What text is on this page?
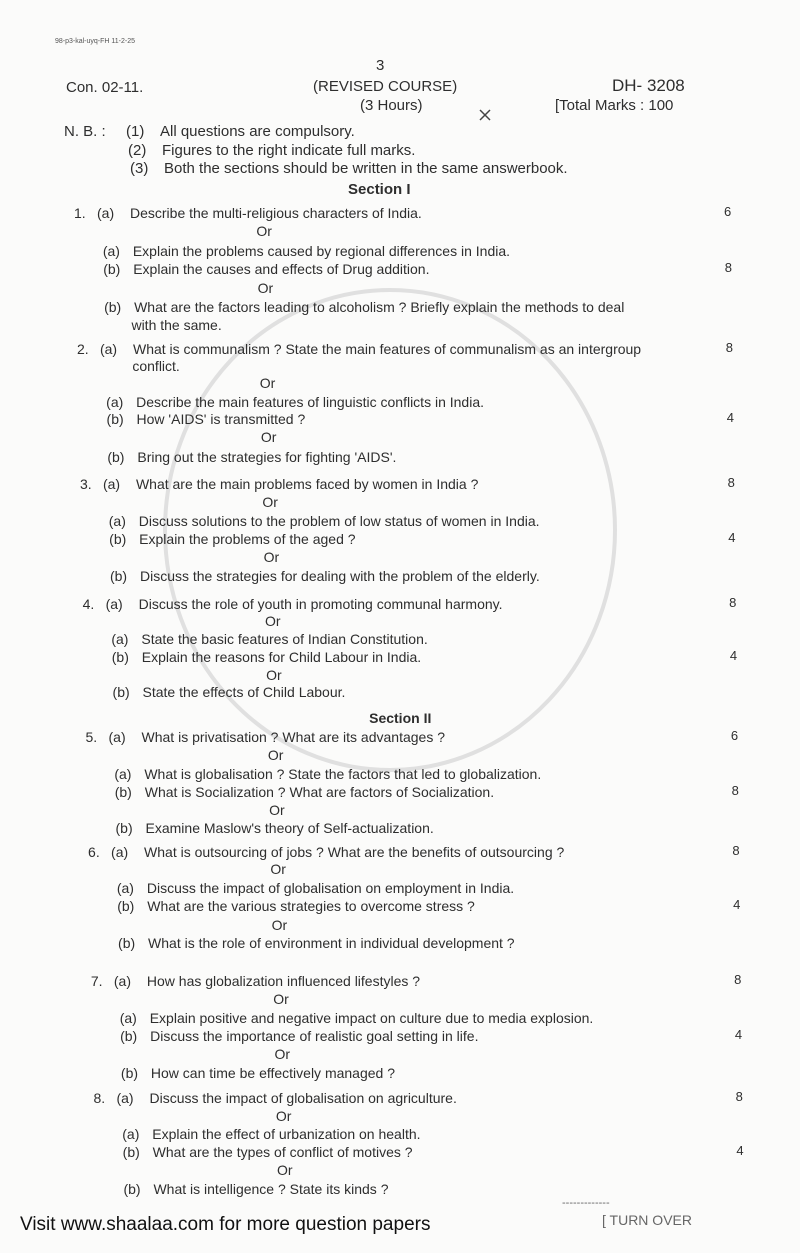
98-p3-kal-uyq-FH 11-2-25
3
Con. 02-11.	(REVISED COURSE)	DH- 3208
(3 Hours)	[Total Marks : 100
N. B. : (1) All questions are compulsory.
(2) Figures to the right indicate full marks.
(3) Both the sections should be written in the same answerbook.
Section I
1. (a) Describe the multi-religious characters of India.	6
Or
(a) Explain the problems caused by regional differences in India.
(b) Explain the causes and effects of Drug addition.	8
Or
(b) What are the factors leading to alcoholism ? Briefly explain the methods to deal
with the same.
2. (a) What is communalism ? State the main features of communalism as an intergroup	8
conflict.
Or
(a) Describe the main features of linguistic conflicts in India.
(b) How 'AIDS' is transmitted ?	4
Or
(b) Bring out the strategies for fighting 'AIDS'.
3. (a) What are the main problems faced by women in India ?	8
Or
(a) Discuss solutions to the problem of low status of women in India.
(b) Explain the problems of the aged ?	4
Or
(b) Discuss the strategies for dealing with the problem of the elderly.
4. (a) Discuss the role of youth in promoting communal harmony.	8
Or
(a) State the basic features of Indian Constitution.
(b) Explain the reasons for Child Labour in India.	4
Or
(b) State the effects of Child Labour.
Section II
5. (a) What is privatisation ? What are its advantages ?	6
Or
(a) What is globalisation ? State the factors that led to globalization.
(b) What is Socialization ? What are factors of Socialization.	8
Or
(b) Examine Maslow's theory of Self-actualization.
6. (a) What is outsourcing of jobs ? What are the benefits of outsourcing ?	8
Or
(a) Discuss the impact of globalisation on employment in India.
(b) What are the various strategies to overcome stress ?	4
Or
(b) What is the role of environment in individual development ?
7. (a) How has globalization influenced lifestyles ?	8
Or
(a) Explain positive and negative impact on culture due to media explosion.
(b) Discuss the importance of realistic goal setting in life.	4
Or
(b) How can time be effectively managed ?
8. (a) Discuss the impact of globalisation on agriculture.	8
Or
(a) Explain the effect of urbanization on health.
(b) What are the types of conflict of motives ?	4
Or
(b) What is intelligence ? State its kinds ?
-------------
Visit www.shaalaa.com for more question papers	[ TURN OVER
